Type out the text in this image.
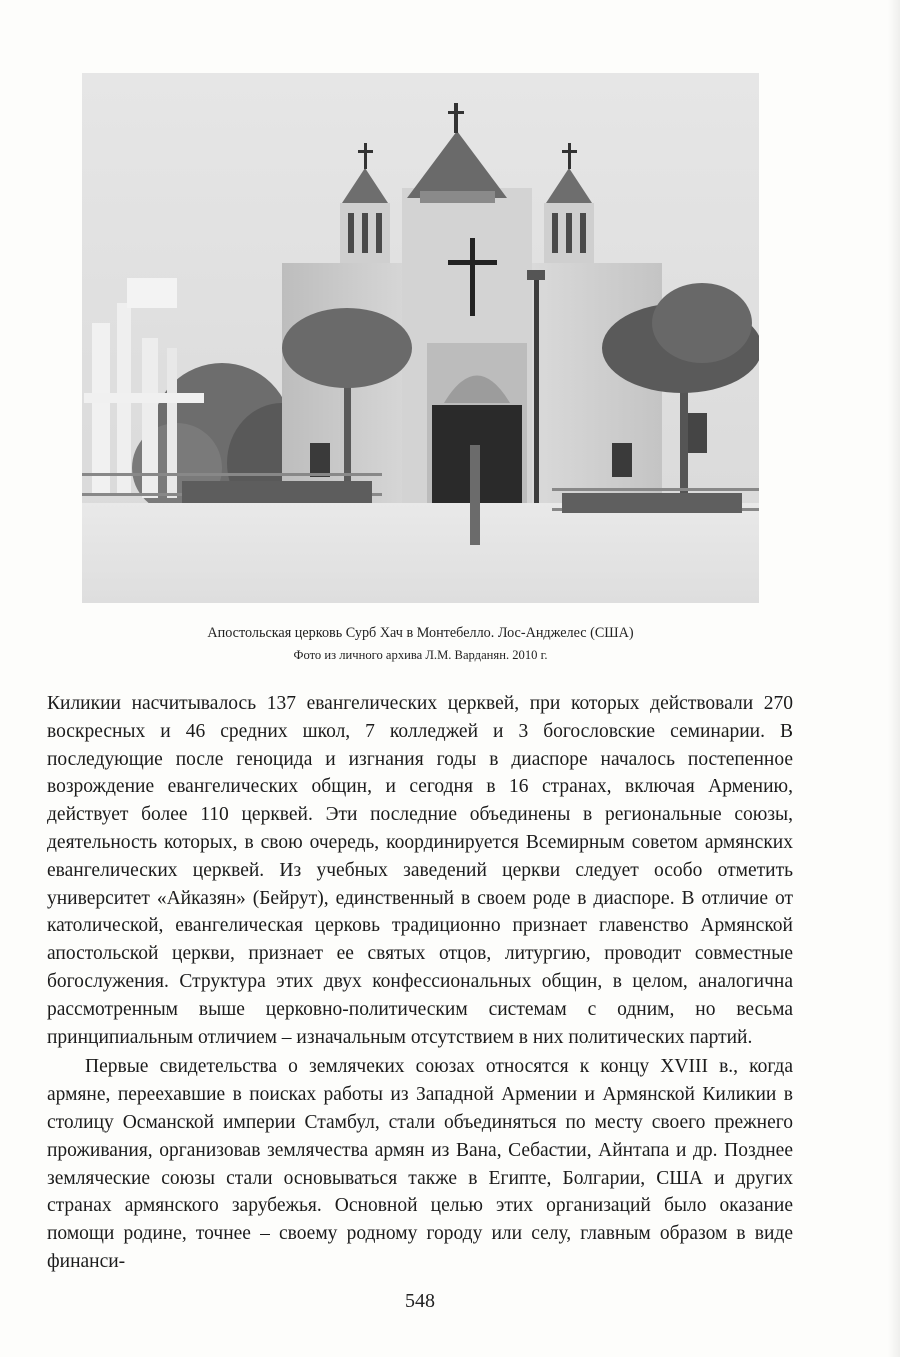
Апостольская церковь Сурб Хач в Монтебелло. Лос-Анджелес (США)
Фото из личного архива Л.М. Варданян. 2010 г.

Киликии насчитывалось 137 евангелических церквей, при которых действовали 270 воскресных и 46 средних школ, 7 колледжей и 3 богословские семинарии. В последующие после геноцида и изгнания годы в диаспоре началось постепенное возрождение евангелических общин, и сегодня в 16 странах, включая Армению, действует более 110 церквей. Эти последние объединены в региональные союзы, деятельность которых, в свою очередь, координируется Всемирным советом армянских евангелических церквей. Из учебных заведений церкви следует особо отметить университет «Айказян» (Бейрут), единственный в своем роде в диаспоре. В отличие от католической, евангелическая церковь традиционно признает главенство Армянской апостольской церкви, признает ее святых отцов, литургию, проводит совместные богослужения. Структура этих двух конфессиональных общин, в целом, аналогична рассмотренным выше церковно-политическим системам с одним, но весьма принципиальным отличием – изначальным отсутствием в них политических партий.

Первые свидетельства о землячеких союзах относятся к концу XVIII в., когда армяне, переехавшие в поисках работы из Западной Армении и Армянской Киликии в столицу Османской империи Стамбул, стали объединяться по месту своего прежнего проживания, организовав землячества армян из Вана, Себастии, Айнтапа и др. Позднее землячеcкие союзы стали основываться также в Египте, Болгарии, США и других странах армянского зарубежья. Основной целью этих организаций было оказание помощи родине, точнее – своему родному городу или селу, главным образом в виде финанси-

548
